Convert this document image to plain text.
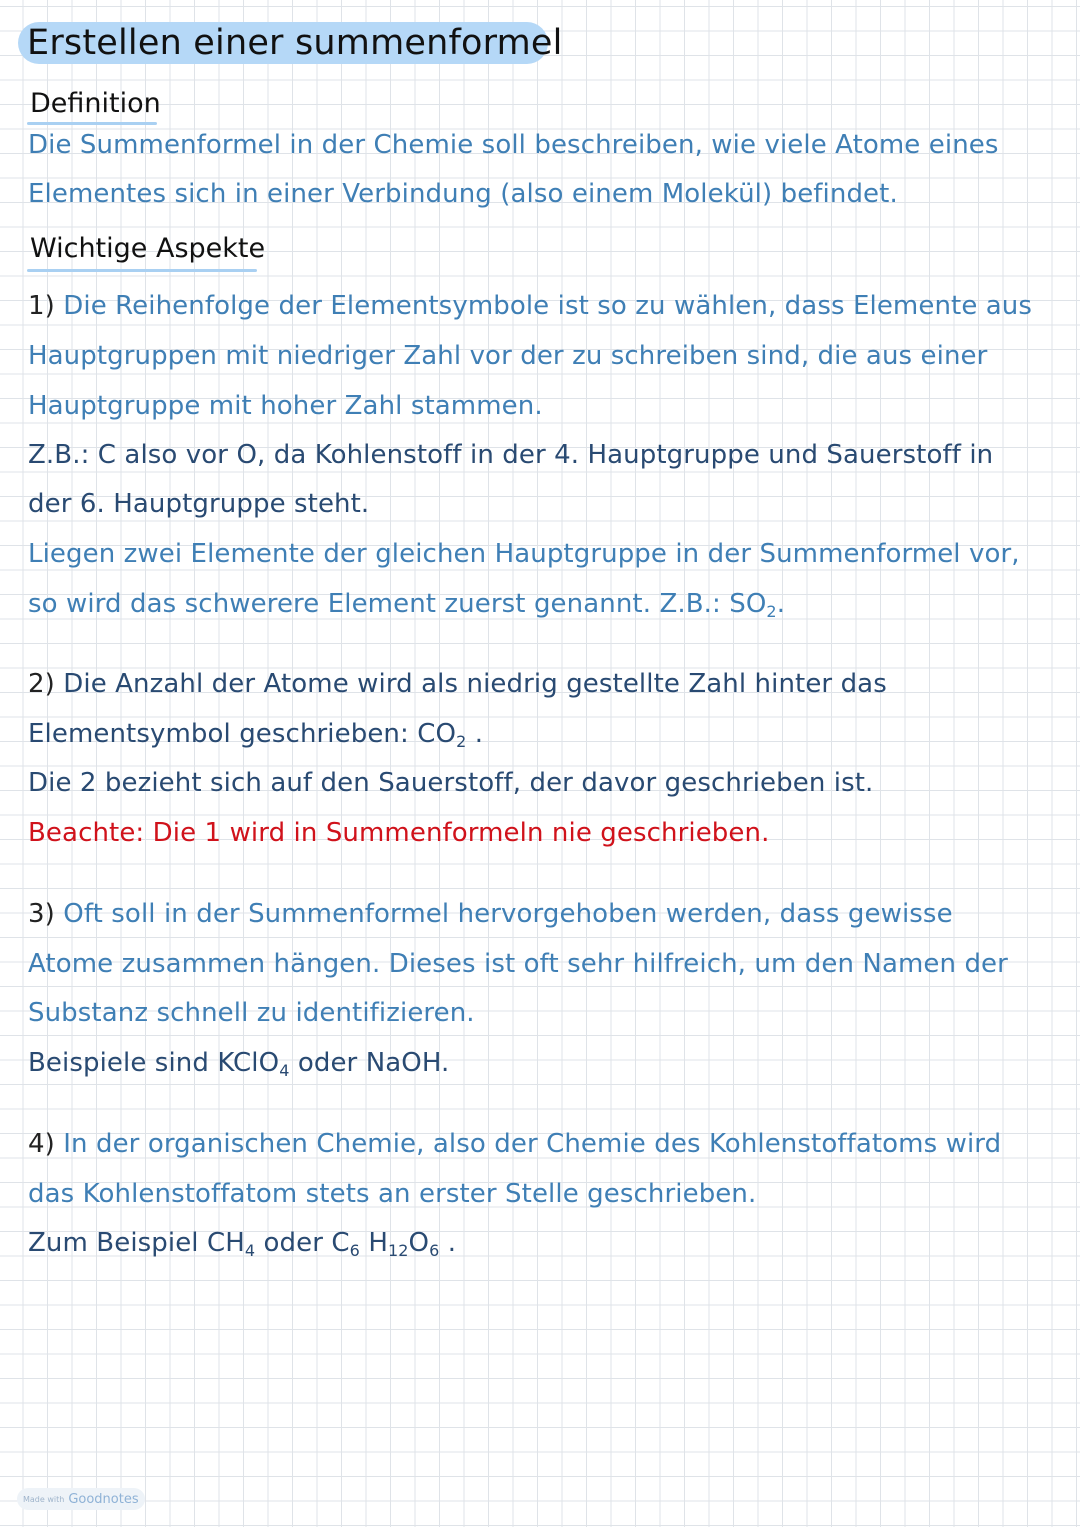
Erstellen einer summenformel
Definition
Die Summenformel in der Chemie soll beschreiben, wie viele Atome eines
Elementes sich in einer Verbindung (also einem Molekül) befindet.
Wichtige Aspekte
1) Die Reihenfolge der Elementsymbole ist so zu wählen, dass Elemente aus
Hauptgruppen mit niedriger Zahl vor der zu schreiben sind, die aus einer
Hauptgruppe mit hoher Zahl stammen.
Z.B.: C also vor O, da Kohlenstoff in der 4. Hauptgruppe und Sauerstoff in
der 6. Hauptgruppe steht.
Liegen zwei Elemente der gleichen Hauptgruppe in der Summenformel vor,
so wird das schwerere Element zuerst genannt. Z.B.: $SO_2$.
2) Die Anzahl der Atome wird als niedrig gestellte Zahl hinter das
Elementsymbol geschrieben: $CO_2$ .
Die 2 bezieht sich auf den Sauerstoff, der davor geschrieben ist.
Beachte: Die 1 wird in Summenformeln nie geschrieben.
3) Oft soll in der Summenformel hervorgehoben werden, dass gewisse
Atome zusammen hängen. Dieses ist oft sehr hilfreich, um den Namen der
Substanz schnell zu identifizieren.
Beispiele sind KClO$_4$ oder NaOH.
4) In der organischen Chemie, also der Chemie des Kohlenstoffatoms wird
das Kohlenstoffatom stets an erster Stelle geschrieben.
Zum Beispiel $CH_4$ oder $C_6$ $H_{12}O_6$ .
Made with Goodnotes
